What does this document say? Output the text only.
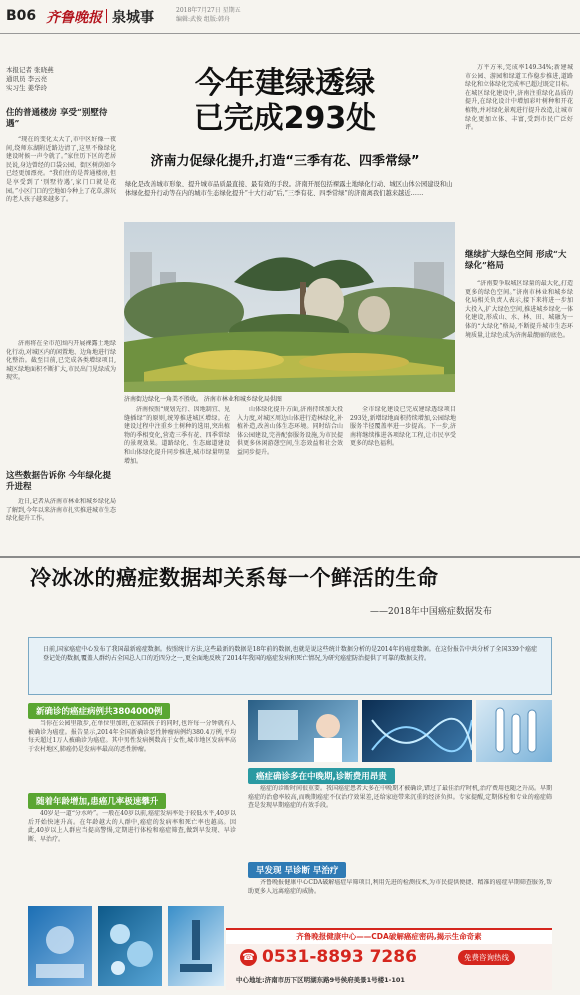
B06 齐鲁晚报 泉城事	2018年7月27日 星期五
编辑:武俊 组版:韩舟
本报记者 张晓燕
通讯员 李云亮
实习生 姜华玲
住的普通楼房 享受“别墅待遇”

“现在的变化太大了,市中区好像一夜间,绕师东湖附近路边清了,这里不像绿化建设时候一声令就了。”家住历下区的老居民说,身边曾经的口袋公园、街区树荫如今已经更加漂亮。“我们住的是普通楼房,但是享受到了‘别墅待遇’,家门口就是花园。”小区门口的空地如今种上了花草,游玩的老人孩子越来越多了。

济南将在全市范围内开展裸露土地绿化行动,对城区内的闲置地、边角地进行绿化整治。截至目前,已完成各类增绿项目,城区绿地面积不断扩大,市民出门见绿成为现实。

这些数据告诉你 今年绿化提升进程

近日,记者从济南市林业和城乡绿化局了解到,今年以来济南市扎实推进城市生态绿化提升工作。

今年建绿透绿
已完成293处
济南力促绿化提升,打造“三季有花、四季常绿”
绿化是改善城市形象、提升城市品质最直接、最有效的手段。济南开展包括裸露土地绿化行动、城区山体公园建设和山体绿化提升行动等在内的城市生态绿化提升“十大行动”后,“三季有花、四季常绿”的济南离我们越来越近……
济南街边绿化一角美不胜收。 济南市林业和城乡绿化局供图

济南按照“规划先行、因地制宜、见缝插绿”的原则,统筹推进城区增绿。在建设过程中注重乡土树种的选用,突出植物的季相变化,营造三季有花、四季常绿的景观效果。道路绿化、生态廊道建设和山体绿化提升同步推进,城市绿量明显增加。

山体绿化提升方面,济南持续加大投入力度,对城区周边山体进行造林绿化,补植补造,改善山体生态环境。同时结合山体公园建设,完善配套服务设施,为市民提供更多休闲游憩空间,生态效益和社会效益同步提升。

全市绿化建设已完成建绿透绿项目293处,新增绿地面积持续增加,公园绿地服务半径覆盖率进一步提高。下一步,济南将继续推进各项绿化工程,让市民享受更多的绿色福利。

万平方米,完成率149.34%;新建城市公园、游园和绿道工作稳步推进,道路绿化和立体绿化完成率已超过既定目标。在城区绿化建设中,济南注重绿化品质的提升,在绿化设计中增加彩叶树种和开花植物,并对绿化景观进行提升改造,让城市绿化更加立体、丰富,受到市民广泛好评。

继续扩大绿色空间 形成“大绿化”格局

“济南要争取城区绿量的最大化,打造更多的绿色空间。”济南市林业和城乡绿化局相关负责人表示,接下来将进一步加大投入,扩大绿色空间,推进城乡绿化一体化建设,形成山、水、林、田、城融为一体的“大绿化”格局,不断提升城市生态环境质量,让绿色成为济南最靓丽的底色。

冷冰冰的癌症数据却关系每一个鲜活的生命
——2018年中国癌症数据发布
日前,国家癌症中心发布了我国最新癌症数据。按照统计方法,这些最新的数据是18年前的数据,也就是说这些统计数据分析的是2014年的癌症数据。在这份报告中共分析了全国339个癌症登记处的数据,覆盖人群约占全国总人口的近四分之一,更全面地反映了2014年我国的癌症发病和死亡情况,为研究癌症防治提供了可靠的数据支持。
新确诊的癌症病例共3804000例

当你在公园里散步,在单位里加班,在家陪孩子的同时,也许每一分钟就有人被确诊为癌症。报告显示,2014年全国新确诊恶性肿瘤病例约380.4万例,平均每天超过1万人被确诊为癌症。其中男性发病例数高于女性,城市地区发病率高于农村地区,肺癌仍是发病率最高的恶性肿瘤。

随着年龄增加,患癌几率极速攀升

40岁是一道“分水岭”。一般在40岁以前,癌症发病率处于较低水平,40岁以后开始快速升高。在年龄越大的人群中,癌症的发病率和死亡率也越高。因此,40岁以上人群应当提高警惕,定期进行体检和癌症筛查,做到早发现、早诊断、早治疗。

癌症确诊多在中晚期,诊断费用昂贵

癌症的诊断时间很重要。我国癌症患者大多在中晚期才被确诊,错过了最佳治疗时机,治疗费用也随之升高。早期癌症的治愈率较高,而晚期癌症不仅治疗效果差,还给家庭带来沉重的经济负担。专家提醒,定期体检和专业的癌症筛查是发现早期癌症的有效手段。

早发现 早诊断 早治疗

齐鲁晚报健康中心CDA破解癌症早筛项目,利用先进的检测技术,为市民提供便捷、精准的癌症早期筛查服务,帮助更多人远离癌症的威胁。

齐鲁晚报健康中心——CDA破解癌症密码,揭示生命奇素
☎ 0531-8893 7286	免费咨询热线
中心地址:济南市历下区明湖东路9号侯府美景1号楼1-101
